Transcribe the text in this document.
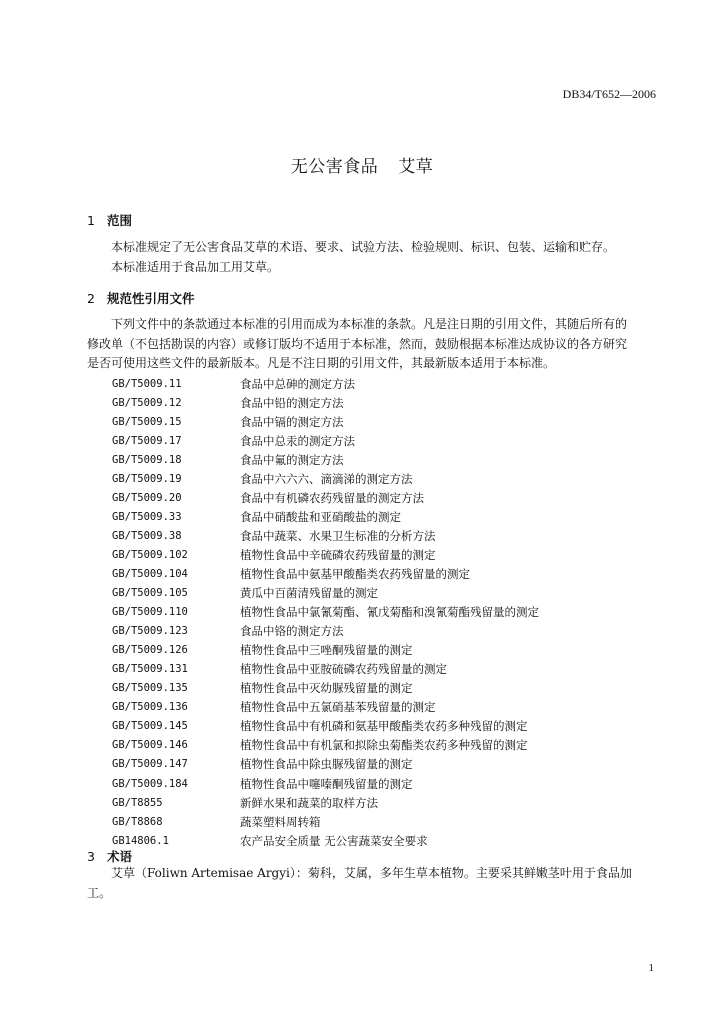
DB34/T652—2006
无公害食品 艾草
1 范围
本标准规定了无公害食品艾草的术语、要求、试验方法、检验规则、标识、包装、运输和贮存。
本标准适用于食品加工用艾草。
2 规范性引用文件
下列文件中的条款通过本标准的引用而成为本标准的条款。凡是注日期的引用文件，其随后所有的
修改单（不包括勘误的内容）或修订版均不适用于本标准，然而，鼓励根据本标准达成协议的各方研究
是否可使用这些文件的最新版本。凡是不注日期的引用文件，其最新版本适用于本标准。
GB/T5009.11	食品中总砷的测定方法
GB/T5009.12	食品中铅的测定方法
GB/T5009.15	食品中镉的测定方法
GB/T5009.17	食品中总汞的测定方法
GB/T5009.18	食品中氟的测定方法
GB/T5009.19	食品中六六六、滴滴涕的测定方法
GB/T5009.20	食品中有机磷农药残留量的测定方法
GB/T5009.33	食品中硝酸盐和亚硝酸盐的测定
GB/T5009.38	食品中蔬菜、水果卫生标准的分析方法
GB/T5009.102	植物性食品中辛硫磷农药残留量的测定
GB/T5009.104	植物性食品中氨基甲酸酯类农药残留量的测定
GB/T5009.105	黄瓜中百菌清残留量的测定
GB/T5009.110	植物性食品中氯氰菊酯、氰戊菊酯和溴氰菊酯残留量的测定
GB/T5009.123	食品中铬的测定方法
GB/T5009.126	植物性食品中三唑酮残留量的测定
GB/T5009.131	植物性食品中亚胺硫磷农药残留量的测定
GB/T5009.135	植物性食品中灭幼脲残留量的测定
GB/T5009.136	植物性食品中五氯硝基苯残留量的测定
GB/T5009.145	植物性食品中有机磷和氨基甲酸酯类农药多种残留的测定
GB/T5009.146	植物性食品中有机氯和拟除虫菊酯类农药多种残留的测定
GB/T5009.147	植物性食品中除虫脲残留量的测定
GB/T5009.184	植物性食品中噻嗪酮残留量的测定
GB/T8855	新鲜水果和蔬菜的取样方法
GB/T8868	蔬菜塑料周转箱
GB14806.1	农产品安全质量 无公害蔬菜安全要求
3 术语
艾草（Foliwn Artemisae Argyi）：菊科，艾属，多年生草本植物。主要采其鲜嫩茎叶用于食品加
工。
1
